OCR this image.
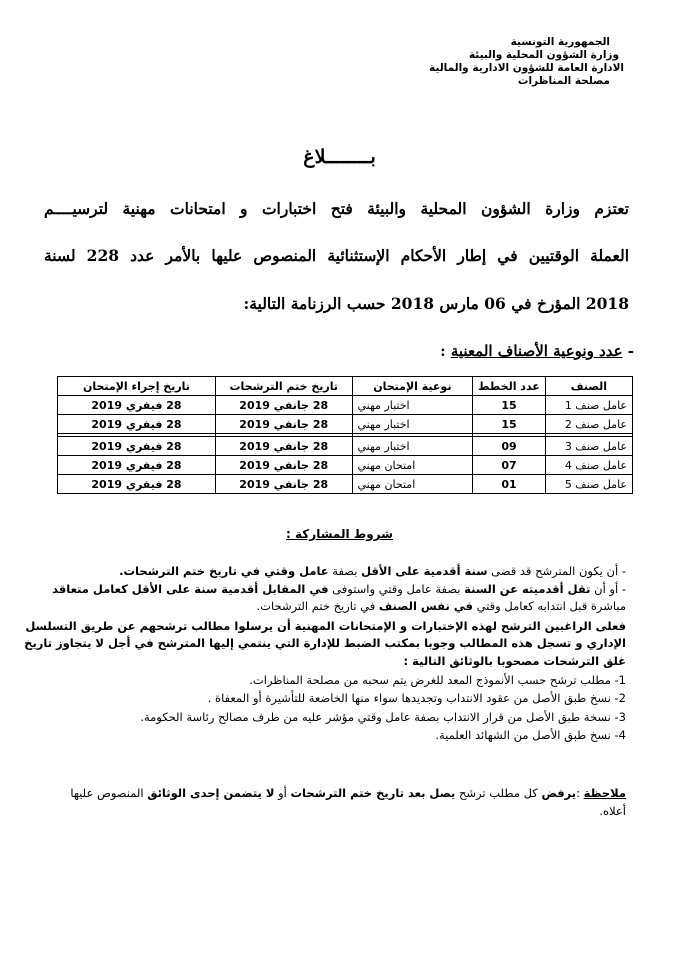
الجمهورية التونسية
وزارة الشؤون المحلية والبيئة
الادارة العامة للشؤون الادارية والمالية
مصلحة المناظرات
بــــــــلاغ
تعتزم وزارة الشؤون المحلية والبيئة فتح اختبارات و امتحانات مهنية لترسيــــم
العملة الوقتيين في إطار الأحكام الإستثنائية المنصوص عليها بالأمر عدد 228 لسنة
2018 المؤرخ في 06 مارس 2018 حسب الرزنامة التالية:
- عدد ونوعية الأصناف المعنية :
الصنف	عدد الخطط	نوعية الإمتحان	تاريخ ختم الترشحات	تاريخ إجراء الإمتحان
عامل صنف 1	15	اختبار مهني	28 جانفي 2019	28 فيفري 2019
عامل صنف 2	15	اختبار مهني	28 جانفي 2019	28 فيفري 2019

عامل صنف 3	09	اختبار مهني	28 جانفي 2019	28 فيفري 2019
عامل صنف 4	07	امتحان مهني	28 جانفي 2019	28 فيفري 2019
عامل صنف 5	01	امتحان مهني	28 جانفي 2019	28 فيفري 2019
شروط المشاركة :
- أن يكون المترشح قد قضى سنة أقدمية على الأقل بصفة عامل وقتي في تاريخ ختم الترشحات.
- أو أن تقل أقدميته عن السنة بصفة عامل وقتي واستوفى في المقابل أقدمية سنة على الأقل كعامل متعاقد
مباشرة قبل انتدابه كعامل وقتي في نفس الصنف في تاريخ ختم الترشحات.
فعلى الراغبين الترشح لهذه الإختبارات و الإمتحانات المهنية أن يرسلوا مطالب ترشحهم عن طريق التسلسل
الإداري و تسجل هذه المطالب وجوبا بمكتب الضبط للإدارة التي ينتمي إليها المترشح في أجل لا يتجاوز تاريخ
غلق الترشحات مصحوبا بالوثائق التالية :
1- مطلب ترشح حسب الأنموذج المعد للغرض يتم سحبه من مصلحة المناظرات.
2- نسخ طبق الأصل من عقود الانتداب وتجديدها سواء منها الخاضعة للتأشيرة أو المعفاة .
3- نسخة طبق الأصل من قرار الانتداب بصفة عامل وقتي مؤشر عليه من طرف مصالح رئاسة الحكومة.
4- نسخ طبق الأصل من الشهائد العلمية.
ملاحظة :يرفض كل مطلب ترشح يصل بعد تاريخ ختم الترشحات أو لا يتضمن إحدى الوثائق المنصوص عليها
أعلاه.
